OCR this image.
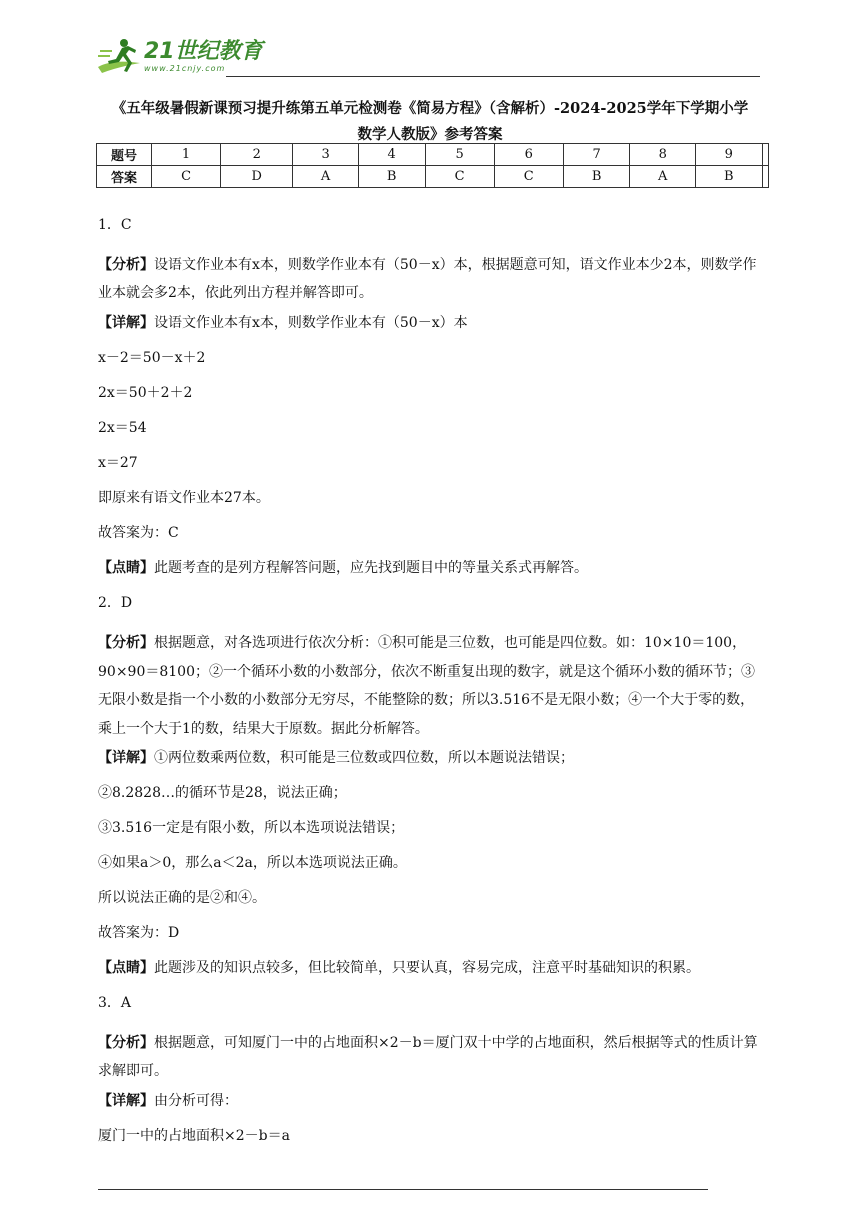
21世纪教育
www.21cnjy.com
《五年级暑假新课预习提升练第五单元检测卷《简易方程》（含解析）-2024-2025学年下学期小学
数学人教版》参考答案
题号	1	2	3	4	5	6	7	8	9	
答案	C	D	A	B	C	C	B	A	B	

1．C

【分析】设语文作业本有x本，则数学作业本有（50－x）本，根据题意可知，语文作业本少2本，则数学作业本就会多2本，依此列出方程并解答即可。

【详解】设语文作业本有x本，则数学作业本有（50－x）本

x－2＝50－x＋2

2x＝50＋2＋2

2x＝54

x＝27

即原来有语文作业本27本。

故答案为：C

【点睛】此题考查的是列方程解答问题，应先找到题目中的等量关系式再解答。

2．D

【分析】根据题意，对各选项进行依次分析：①积可能是三位数，也可能是四位数。如：10×10＝100，90×90＝8100；②一个循环小数的小数部分，依次不断重复出现的数字，就是这个循环小数的循环节；③无限小数是指一个小数的小数部分无穷尽，不能整除的数；所以3.516不是无限小数；④一个大于零的数，乘上一个大于1的数，结果大于原数。据此分析解答。

【详解】①两位数乘两位数，积可能是三位数或四位数，所以本题说法错误；

②8.2828…的循环节是28，说法正确；

③3.516一定是有限小数，所以本选项说法错误；

④如果a＞0，那么a＜2a，所以本选项说法正确。

所以说法正确的是②和④。

故答案为：D

【点睛】此题涉及的知识点较多，但比较简单，只要认真，容易完成，注意平时基础知识的积累。

3．A

【分析】根据题意，可知厦门一中的占地面积×2－b＝厦门双十中学的占地面积，然后根据等式的性质计算求解即可。

【详解】由分析可得：

厦门一中的占地面积×2－b＝a
